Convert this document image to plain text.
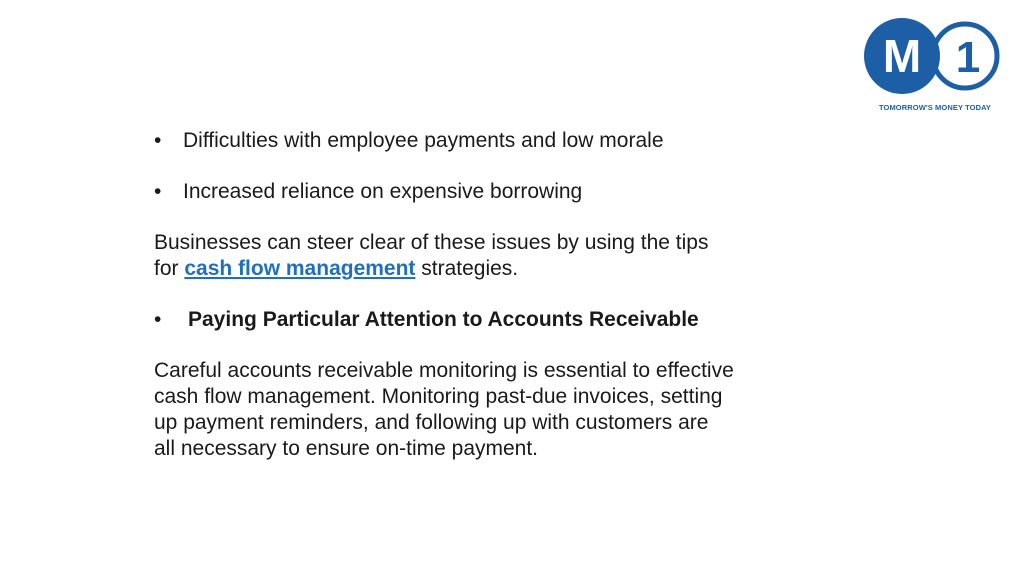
M 1
TOMORROW'S MONEY TODAY

•	Difficulties with employee payments and low morale

•	Increased reliance on expensive borrowing

Businesses can steer clear of these issues by using the tips
for cash flow management strategies.

•	Paying Particular Attention to Accounts Receivable

Careful accounts receivable monitoring is essential to effective
cash flow management. Monitoring past-due invoices, setting
up payment reminders, and following up with customers are
all necessary to ensure on-time payment.
